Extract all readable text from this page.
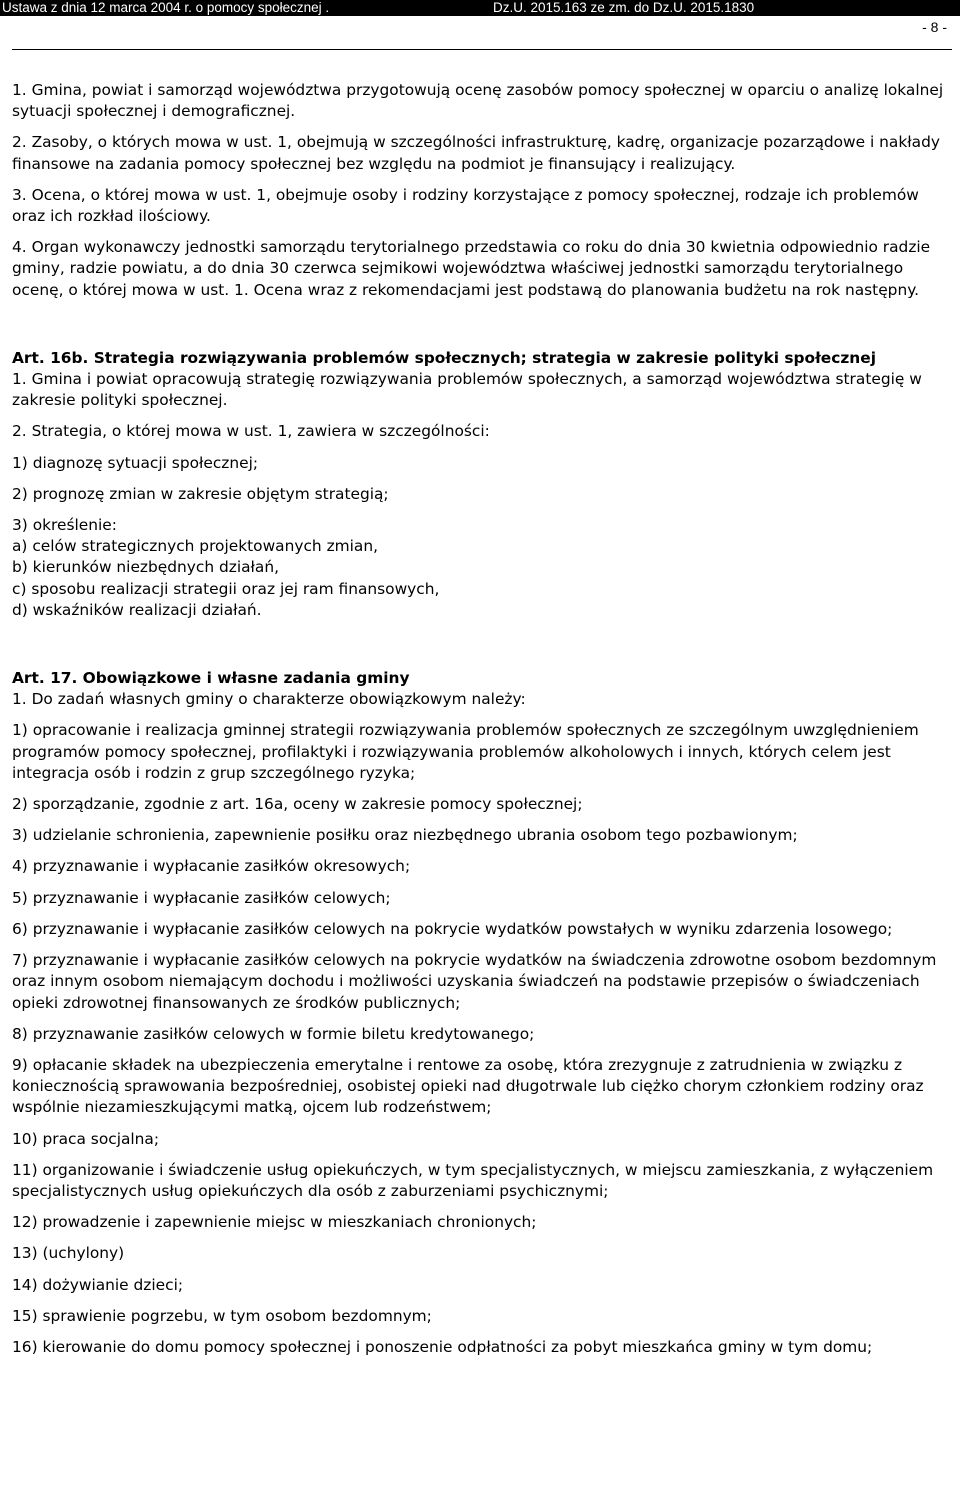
Ustawa z dnia 12 marca 2004 r. o pomocy społecznej .	Dz.U. 2015.163 ze zm. do Dz.U. 2015.1830
- 8 -

1. Gmina, powiat i samorząd województwa przygotowują ocenę zasobów pomocy społecznej w oparciu o analizę lokalnej sytuacji społecznej i demograficznej.

2. Zasoby, o których mowa w ust. 1, obejmują w szczególności infrastrukturę, kadrę, organizacje pozarządowe i nakłady finansowe na zadania pomocy społecznej bez względu na podmiot je finansujący i realizujący.

3. Ocena, o której mowa w ust. 1, obejmuje osoby i rodziny korzystające z pomocy społecznej, rodzaje ich problemów oraz ich rozkład ilościowy.

4. Organ wykonawczy jednostki samorządu terytorialnego przedstawia co roku do dnia 30 kwietnia odpowiednio radzie gminy, radzie powiatu, a do dnia 30 czerwca sejmikowi województwa właściwej jednostki samorządu terytorialnego ocenę, o której mowa w ust. 1. Ocena wraz z rekomendacjami jest podstawą do planowania budżetu na rok następny.

Art. 16b. Strategia rozwiązywania problemów społecznych; strategia w zakresie polityki społecznej

1. Gmina i powiat opracowują strategię rozwiązywania problemów społecznych, a samorząd województwa strategię w zakresie polityki społecznej.

2. Strategia, o której mowa w ust. 1, zawiera w szczególności:

1) diagnozę sytuacji społecznej;

2) prognozę zmian w zakresie objętym strategią;

3) określenie:

a) celów strategicznych projektowanych zmian,

b) kierunków niezbędnych działań,

c) sposobu realizacji strategii oraz jej ram finansowych,

d) wskaźników realizacji działań.

Art. 17. Obowiązkowe i własne zadania gminy

1. Do zadań własnych gminy o charakterze obowiązkowym należy:

1) opracowanie i realizacja gminnej strategii rozwiązywania problemów społecznych ze szczególnym uwzględnieniem programów pomocy społecznej, profilaktyki i rozwiązywania problemów alkoholowych i innych, których celem jest integracja osób i rodzin z grup szczególnego ryzyka;

2) sporządzanie, zgodnie z art. 16a, oceny w zakresie pomocy społecznej;

3) udzielanie schronienia, zapewnienie posiłku oraz niezbędnego ubrania osobom tego pozbawionym;

4) przyznawanie i wypłacanie zasiłków okresowych;

5) przyznawanie i wypłacanie zasiłków celowych;

6) przyznawanie i wypłacanie zasiłków celowych na pokrycie wydatków powstałych w wyniku zdarzenia losowego;

7) przyznawanie i wypłacanie zasiłków celowych na pokrycie wydatków na świadczenia zdrowotne osobom bezdomnym oraz innym osobom niemającym dochodu i możliwości uzyskania świadczeń na podstawie przepisów o świadczeniach opieki zdrowotnej finansowanych ze środków publicznych;

8) przyznawanie zasiłków celowych w formie biletu kredytowanego;

9) opłacanie składek na ubezpieczenia emerytalne i rentowe za osobę, która zrezygnuje z zatrudnienia w związku z koniecznością sprawowania bezpośredniej, osobistej opieki nad długotrwale lub ciężko chorym członkiem rodziny oraz wspólnie niezamieszkującymi matką, ojcem lub rodzeństwem;

10) praca socjalna;

11) organizowanie i świadczenie usług opiekuńczych, w tym specjalistycznych, w miejscu zamieszkania, z wyłączeniem specjalistycznych usług opiekuńczych dla osób z zaburzeniami psychicznymi;

12) prowadzenie i zapewnienie miejsc w mieszkaniach chronionych;

13) (uchylony)

14) dożywianie dzieci;

15) sprawienie pogrzebu, w tym osobom bezdomnym;

16) kierowanie do domu pomocy społecznej i ponoszenie odpłatności za pobyt mieszkańca gminy w tym domu;
